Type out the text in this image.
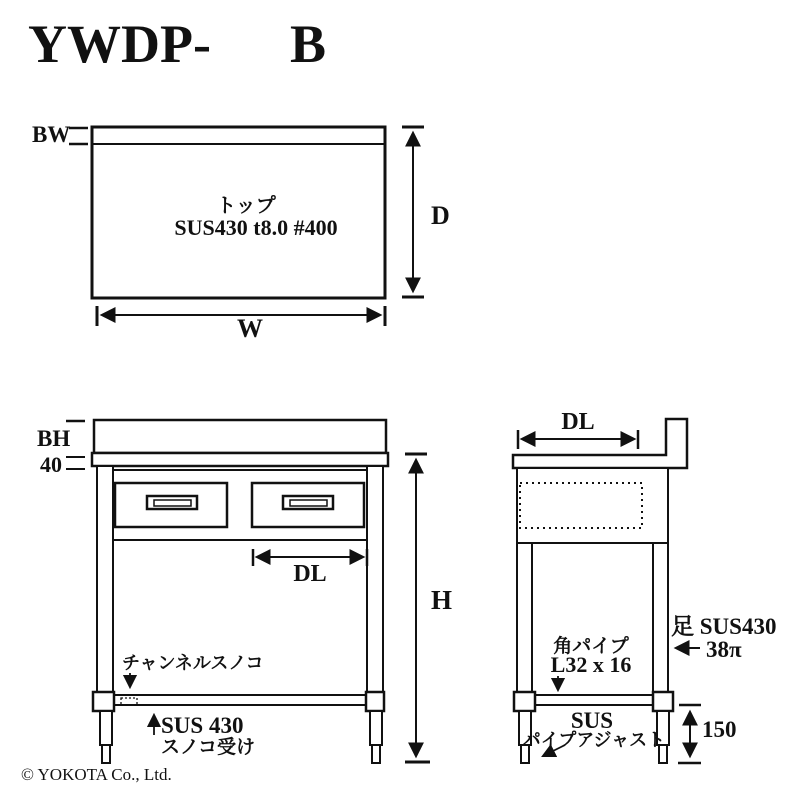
YWDP- B
BW
トップ
SUS430 t8.0 #400	D
W
BH
40
DL
H
チャンネルスノコ
SUS 430
スノコ受け
DL
角パイプ
L32 x 16
足 SUS430
38π
SUS
パイプアジャスト 150
© YOKOTA Co., Ltd.
